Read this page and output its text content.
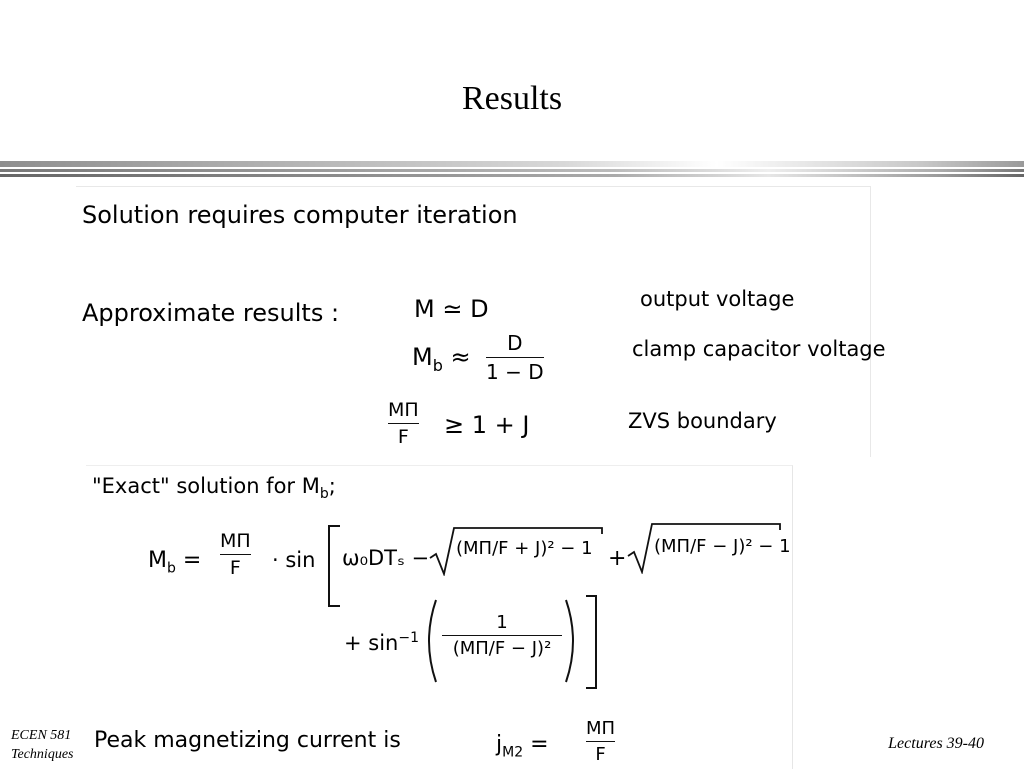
Results
Solution requires computer iteration
Approximate results :	M ≃ D	output voltage
$M_b \approx D$
1 − D
clamp capacitor voltage
MΠ
F ≥ 1 + J	ZVS boundary
"Exact" solution for $M_b$;
$M_b$ =
MΠ
F · sin ω₀DTₛ − (MΠ/F + J)² − 1 + (MΠ/F − J)² − 1
+ $\sin^{-1}$
1
(MΠ/F − J)²
Peak magnetizing current is	$j_{M2}$ =
MΠ
F
ECEN 581
Techniques
Lectures 39-40
